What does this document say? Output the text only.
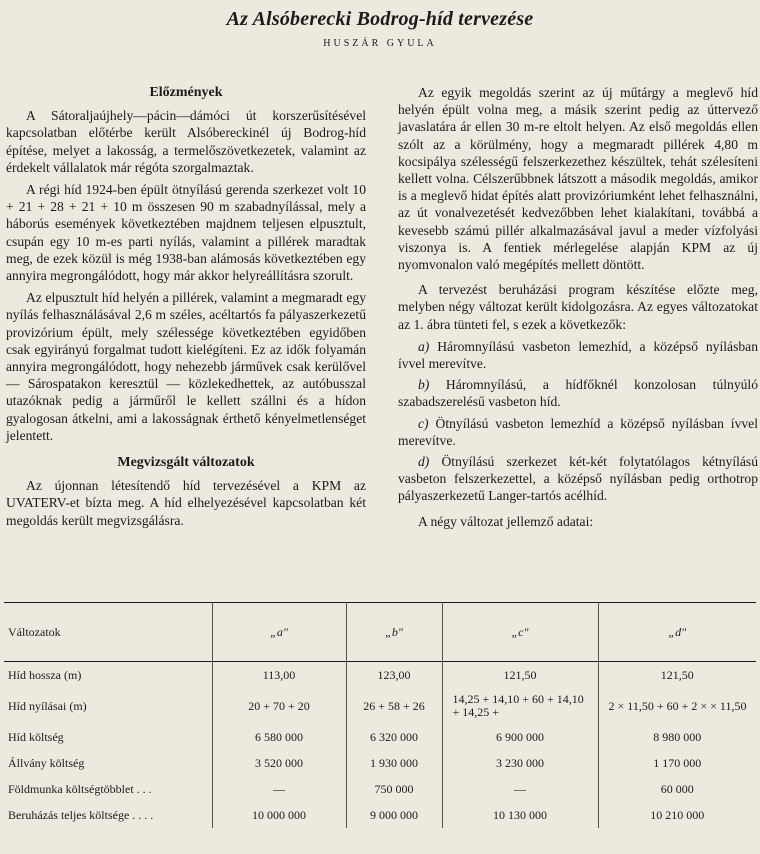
Az Alsóberecki Bodrog-híd tervezése
HUSZÁR GYULA
Előzmények

A Sátoraljaújhely—pácin—dámóci út korszerűsítésével kapcsolatban előtérbe került Alsóbereckinél új Bodrog-híd építése, melyet a lakosság, a termelőszövetkezetek, valamint az érdekelt vállalatok már régóta szorgalmaztak.

A régi híd 1924-ben épült ötnyílású gerenda szerkezet volt 10 + 21 + 28 + 21 + 10 m összesen 90 m szabadnyílással, mely a háborús események következtében majdnem teljesen elpusztult, csupán egy 10 m-es parti nyílás, valamint a pillérek maradtak meg, de ezek közül is még 1938-ban alámosás következtében egy annyira megrongálódott, hogy már akkor helyreállításra szorult.

Az elpusztult híd helyén a pillérek, valamint a megmaradt egy nyílás felhasználásával 2,6 m széles, acéltartós fa pályaszerkezetű provizórium épült, mely szélessége következtében egyidőben csak egyirányú forgalmat tudott kielégíteni. Ez az idők folyamán annyira megrongálódott, hogy nehezebb járművek csak kerülővel — Sárospatakon keresztül — közlekedhettek, az autóbusszal utazóknak pedig a járműről le kellett szállni és a hídon gyalogosan átkelni, ami a lakosságnak érthető kényelmetlenséget jelentett.

Megvizsgált változatok

Az újonnan létesítendő híd tervezésével a KPM az UVATERV-et bízta meg. A híd elhelyezésével kapcsolatban két megoldás került megvizsgálásra.

Az egyik megoldás szerint az új műtárgy a meglevő híd helyén épült volna meg, a másik szerint pedig az úttervező javaslatára ár ellen 30 m-re eltolt helyen. Az első megoldás ellen szólt az a körülmény, hogy a megmaradt pillérek 4,80 m kocsipálya szélességű felszerkezethez készültek, tehát szélesíteni kellett volna. Célszerűbbnek látszott a második megoldás, amikor is a meglevő hidat építés alatt provizóriumként lehet felhasználni, az út vonalvezetését kedvezőbben lehet kialakítani, továbbá a kevesebb számú pillér alkalmazásával javul a meder vízfolyási viszonya is. A fentiek mérlegelése alapján KPM az új nyomvonalon való megépítés mellett döntött.

A tervezést beruházási program készítése előzte meg, melyben négy változat került kidolgozásra. Az egyes változatokat az 1. ábra tünteti fel, s ezek a következők:

a) Háromnyílású vasbeton lemezhíd, a középső nyílásban ívvel merevítve.

b) Háromnyílású, a hídfőknél konzolosan túlnyúló szabadszerelésű vasbeton híd.

c) Ötnyílású vasbeton lemezhíd a középső nyílásban ívvel merevítve.

d) Ötnyílású szerkezet két-két folytatólagos kétnyílású vasbeton felszerkezettel, a középső nyílásban pedig orthotrop pályaszerkezetű Langer-tartós acélhíd.

A négy változat jellemző adatai:

Változatok	„a"	„b"	„c"	„d"
Híd hossza (m)	113,00	123,00	121,50	121,50
Híd nyílásai (m)	20 + 70 + 20	26 + 58 + 26	14,25 + 14,10 + 60 + 14,10 + 14,25 +	2 × 11,50 + 60 + 2 × × 11,50
Híd költség	6 580 000	6 320 000	6 900 000	8 980 000
Állvány költség	3 520 000	1 930 000	3 230 000	1 170 000
Földmunka költségtöbblet . . .	—	750 000	—	60 000
Beruházás teljes költsége . . . .	10 000 000	9 000 000	10 130 000	10 210 000
